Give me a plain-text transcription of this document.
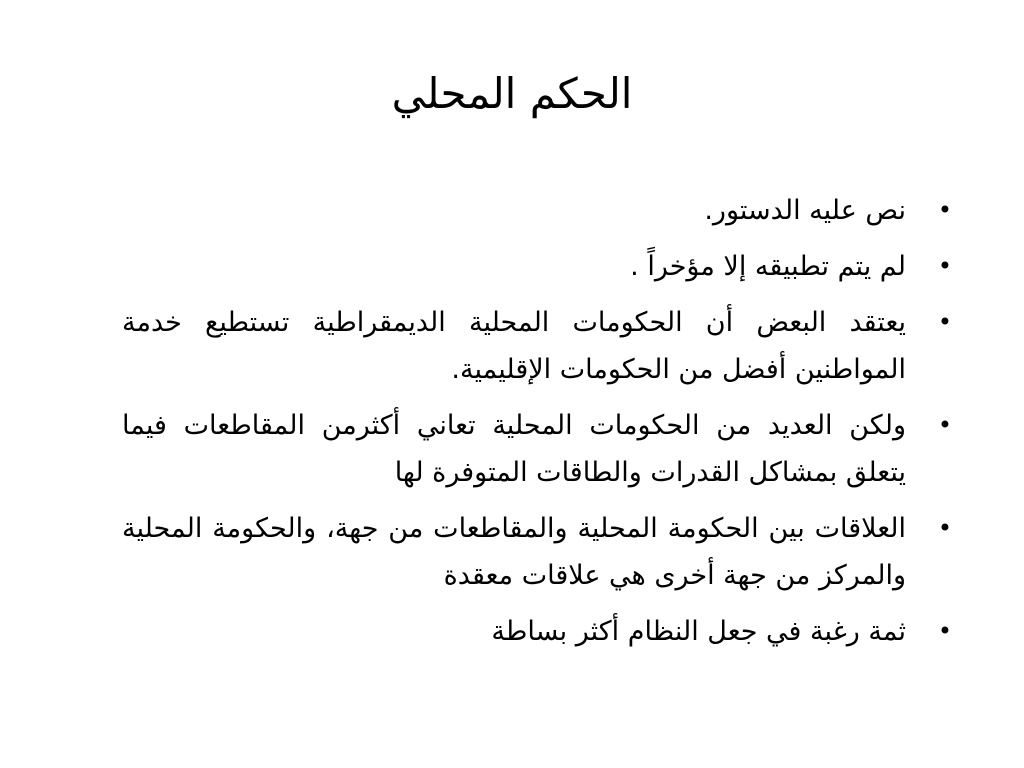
الحكم المحلي
•
نص عليه الدستور.
•
لم يتم تطبيقه إلا مؤخراً .
•
يعتقد البعض أن الحكومات المحلية الديمقراطية تستطيع خدمة المواطنين أفضل من الحكومات الإقليمية.
•
ولكن العديد من الحكومات المحلية تعاني أكثرمن المقاطعات فيما يتعلق بمشاكل القدرات والطاقات المتوفرة لها
•
العلاقات بين الحكومة المحلية والمقاطعات من جهة، والحكومة المحلية والمركز من جهة أخرى هي علاقات معقدة
•
ثمة رغبة في جعل النظام أكثر بساطة
